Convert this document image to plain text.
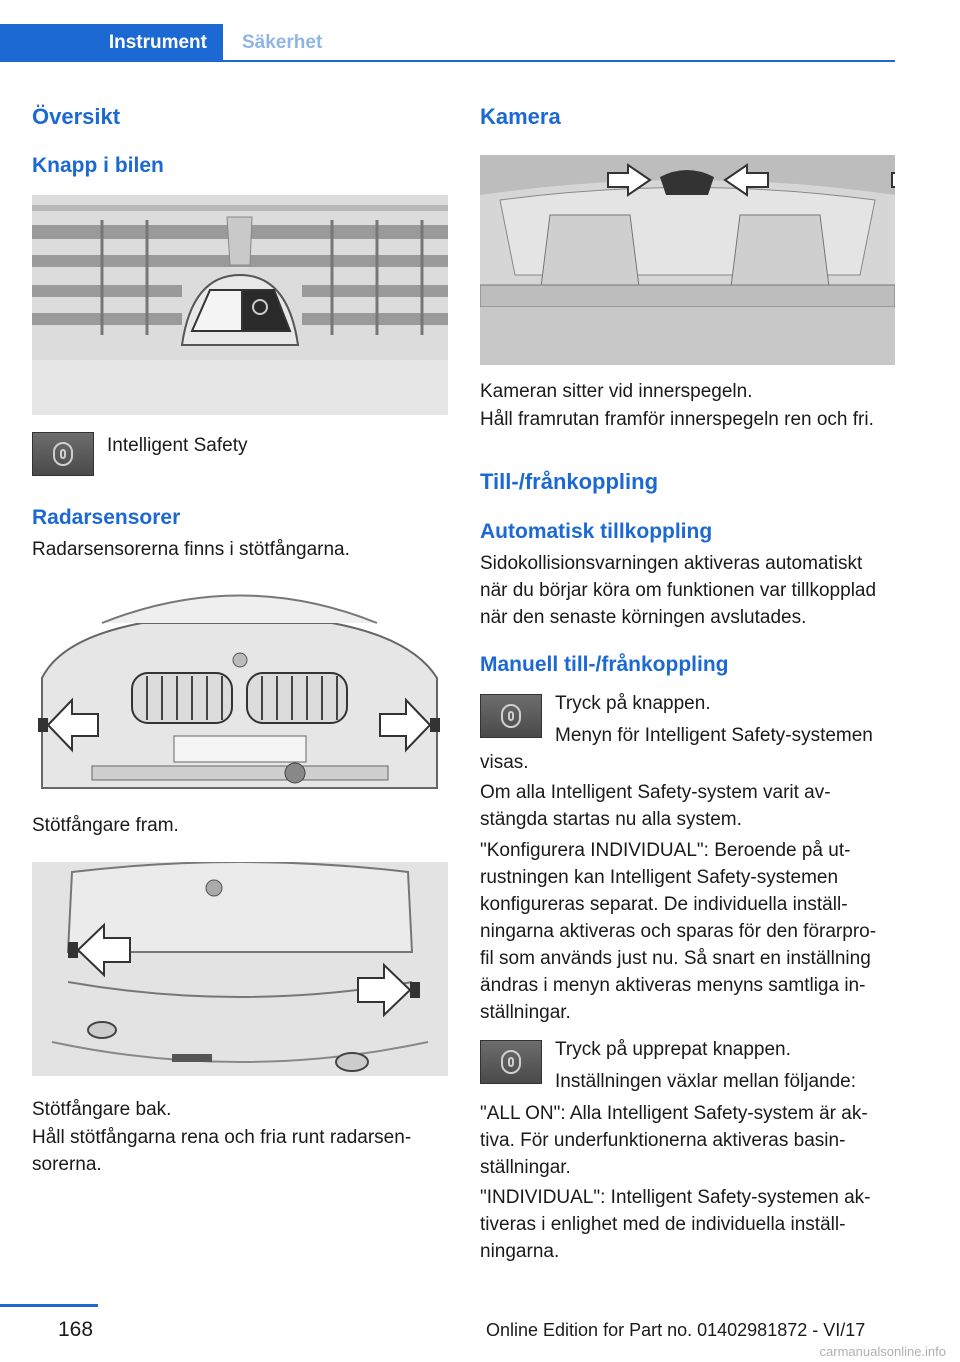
Instrument	Säkerhet
Översikt
Knapp i bilen
Intelligent Safety
Radarsensorer
Radarsensorerna finns i stötfångarna.
Stötfångare fram.
Stötfångare bak.
Håll stötfångarna rena och fria runt radarsen-
sorerna.
Kamera
Kameran sitter vid innerspegeln.
Håll framrutan framför innerspegeln ren och fri.
Till-/frånkoppling
Automatisk tillkoppling
Sidokollisionsvarningen aktiveras automatiskt
när du börjar köra om funktionen var tillkopplad
när den senaste körningen avslutades.
Manuell till-/frånkoppling
Tryck på knappen.
Menyn för Intelligent Safety-systemen
visas.
Om alla Intelligent Safety-system varit av-
stängda startas nu alla system.
"Konfigurera INDIVIDUAL": Beroende på ut-
rustningen kan Intelligent Safety-systemen
konfigureras separat. De individuella inställ-
ningarna aktiveras och sparas för den förarpro-
fil som används just nu. Så snart en inställning
ändras i menyn aktiveras menyns samtliga in-
ställningar.
Tryck på upprepat knappen.
Inställningen växlar mellan följande:
"ALL ON": Alla Intelligent Safety-system är ak-
tiva. För underfunktionerna aktiveras basin-
ställningar.
"INDIVIDUAL": Intelligent Safety-systemen ak-
tiveras i enlighet med de individuella inställ-
ningarna.
168	Online Edition for Part no. 01402981872 - VI/17
carmanualsonline.info
